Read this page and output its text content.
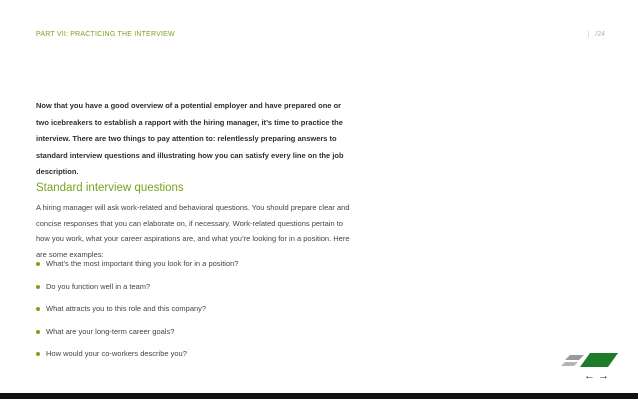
PART VII: PRACTICING THE INTERVIEW	| /24
Now that you have a good overview of a potential employer and have prepared one or two icebreakers to establish a rapport with the hiring manager, it’s time to practice the interview. There are two things to pay attention to: relentlessly preparing answers to standard interview questions and illustrating how you can satisfy every line on the job description.
Standard interview questions
A hiring manager will ask work-related and behavioral questions. You should prepare clear and concise responses that you can elaborate on, if necessary. Work-related questions pertain to how you work, what your career aspirations are, and what you’re looking for in a position. Here are some examples:
What’s the most important thing you look for in a position?
Do you function well in a team?
What attracts you to this role and this company?
What are your long-term career goals?
How would your co-workers describe you?
←→
